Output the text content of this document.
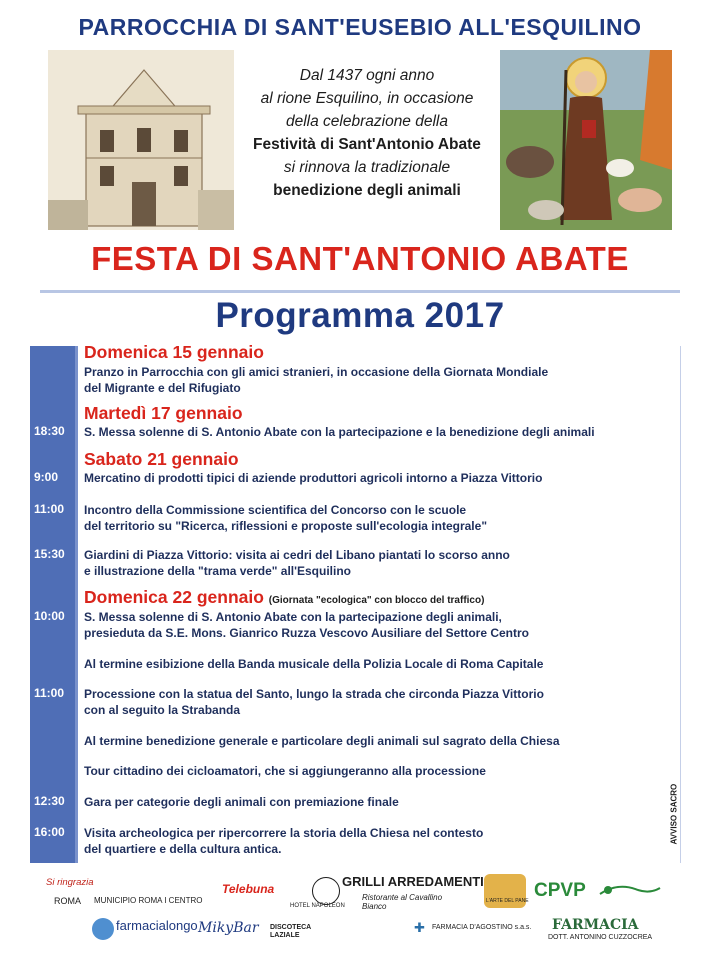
PARROCCHIA DI SANT'EUSEBIO ALL'ESQUILINO
Dal 1437 ogni anno
al rione Esquilino, in occasione
della celebrazione della
Festività di Sant'Antonio Abate
si rinnova la tradizionale
benedizione degli animali
FESTA DI SANT'ANTONIO ABATE
Programma 2017
Domenica 15 gennaio
Pranzo in Parrocchia con gli amici stranieri, in occasione della Giornata Mondiale
del Migrante e del Rifugiato
Martedì 17 gennaio
18:30	S. Messa solenne di S. Antonio Abate con la partecipazione e la benedizione degli animali
Sabato 21 gennaio
9:00	Mercatino di prodotti tipici di aziende produttori agricoli intorno a Piazza Vittorio
11:00	Incontro della Commissione scientifica del Concorso con le scuole
del territorio su "Ricerca, riflessioni e proposte sull'ecologia integrale"
15:30	Giardini di Piazza Vittorio: visita ai cedri del Libano piantati lo scorso anno
e illustrazione della "trama verde" all'Esquilino
Domenica 22 gennaio (Giornata "ecologica" con blocco del traffico)
10:00	S. Messa solenne di S. Antonio Abate con la partecipazione degli animali,
presieduta da S.E. Mons. Gianrico Ruzza Vescovo Ausiliare del Settore Centro
Al termine esibizione della Banda musicale della Polizia Locale di Roma Capitale
11:00	Processione con la statua del Santo, lungo la strada che circonda Piazza Vittorio
con al seguito la Strabanda
Al termine benedizione generale e particolare degli animali sul sagrato della Chiesa
Tour cittadino dei cicloamatori, che si aggiungeranno alla processione
12:30	Gara per categorie degli animali con premiazione finale
16:00	Visita archeologica per ripercorrere la storia della Chiesa nel contesto
del quartiere e della cultura antica.
AVVISO SACRO
Si ringrazia
ROMA MUNICIPIO ROMA I CENTRO
Telebuna
HOTEL NAPOLEON
GRILLI ARREDAMENTI
Ristorante al Cavallino Bianco
L'ARTE DEL PANE CPVP
farmacialongo MikyBar DISCOTECA LAZIALE
✚ FARMACIA D'AGOSTINO s.a.s. FARMACIA
DOTT. ANTONINO CUZZOCREA
